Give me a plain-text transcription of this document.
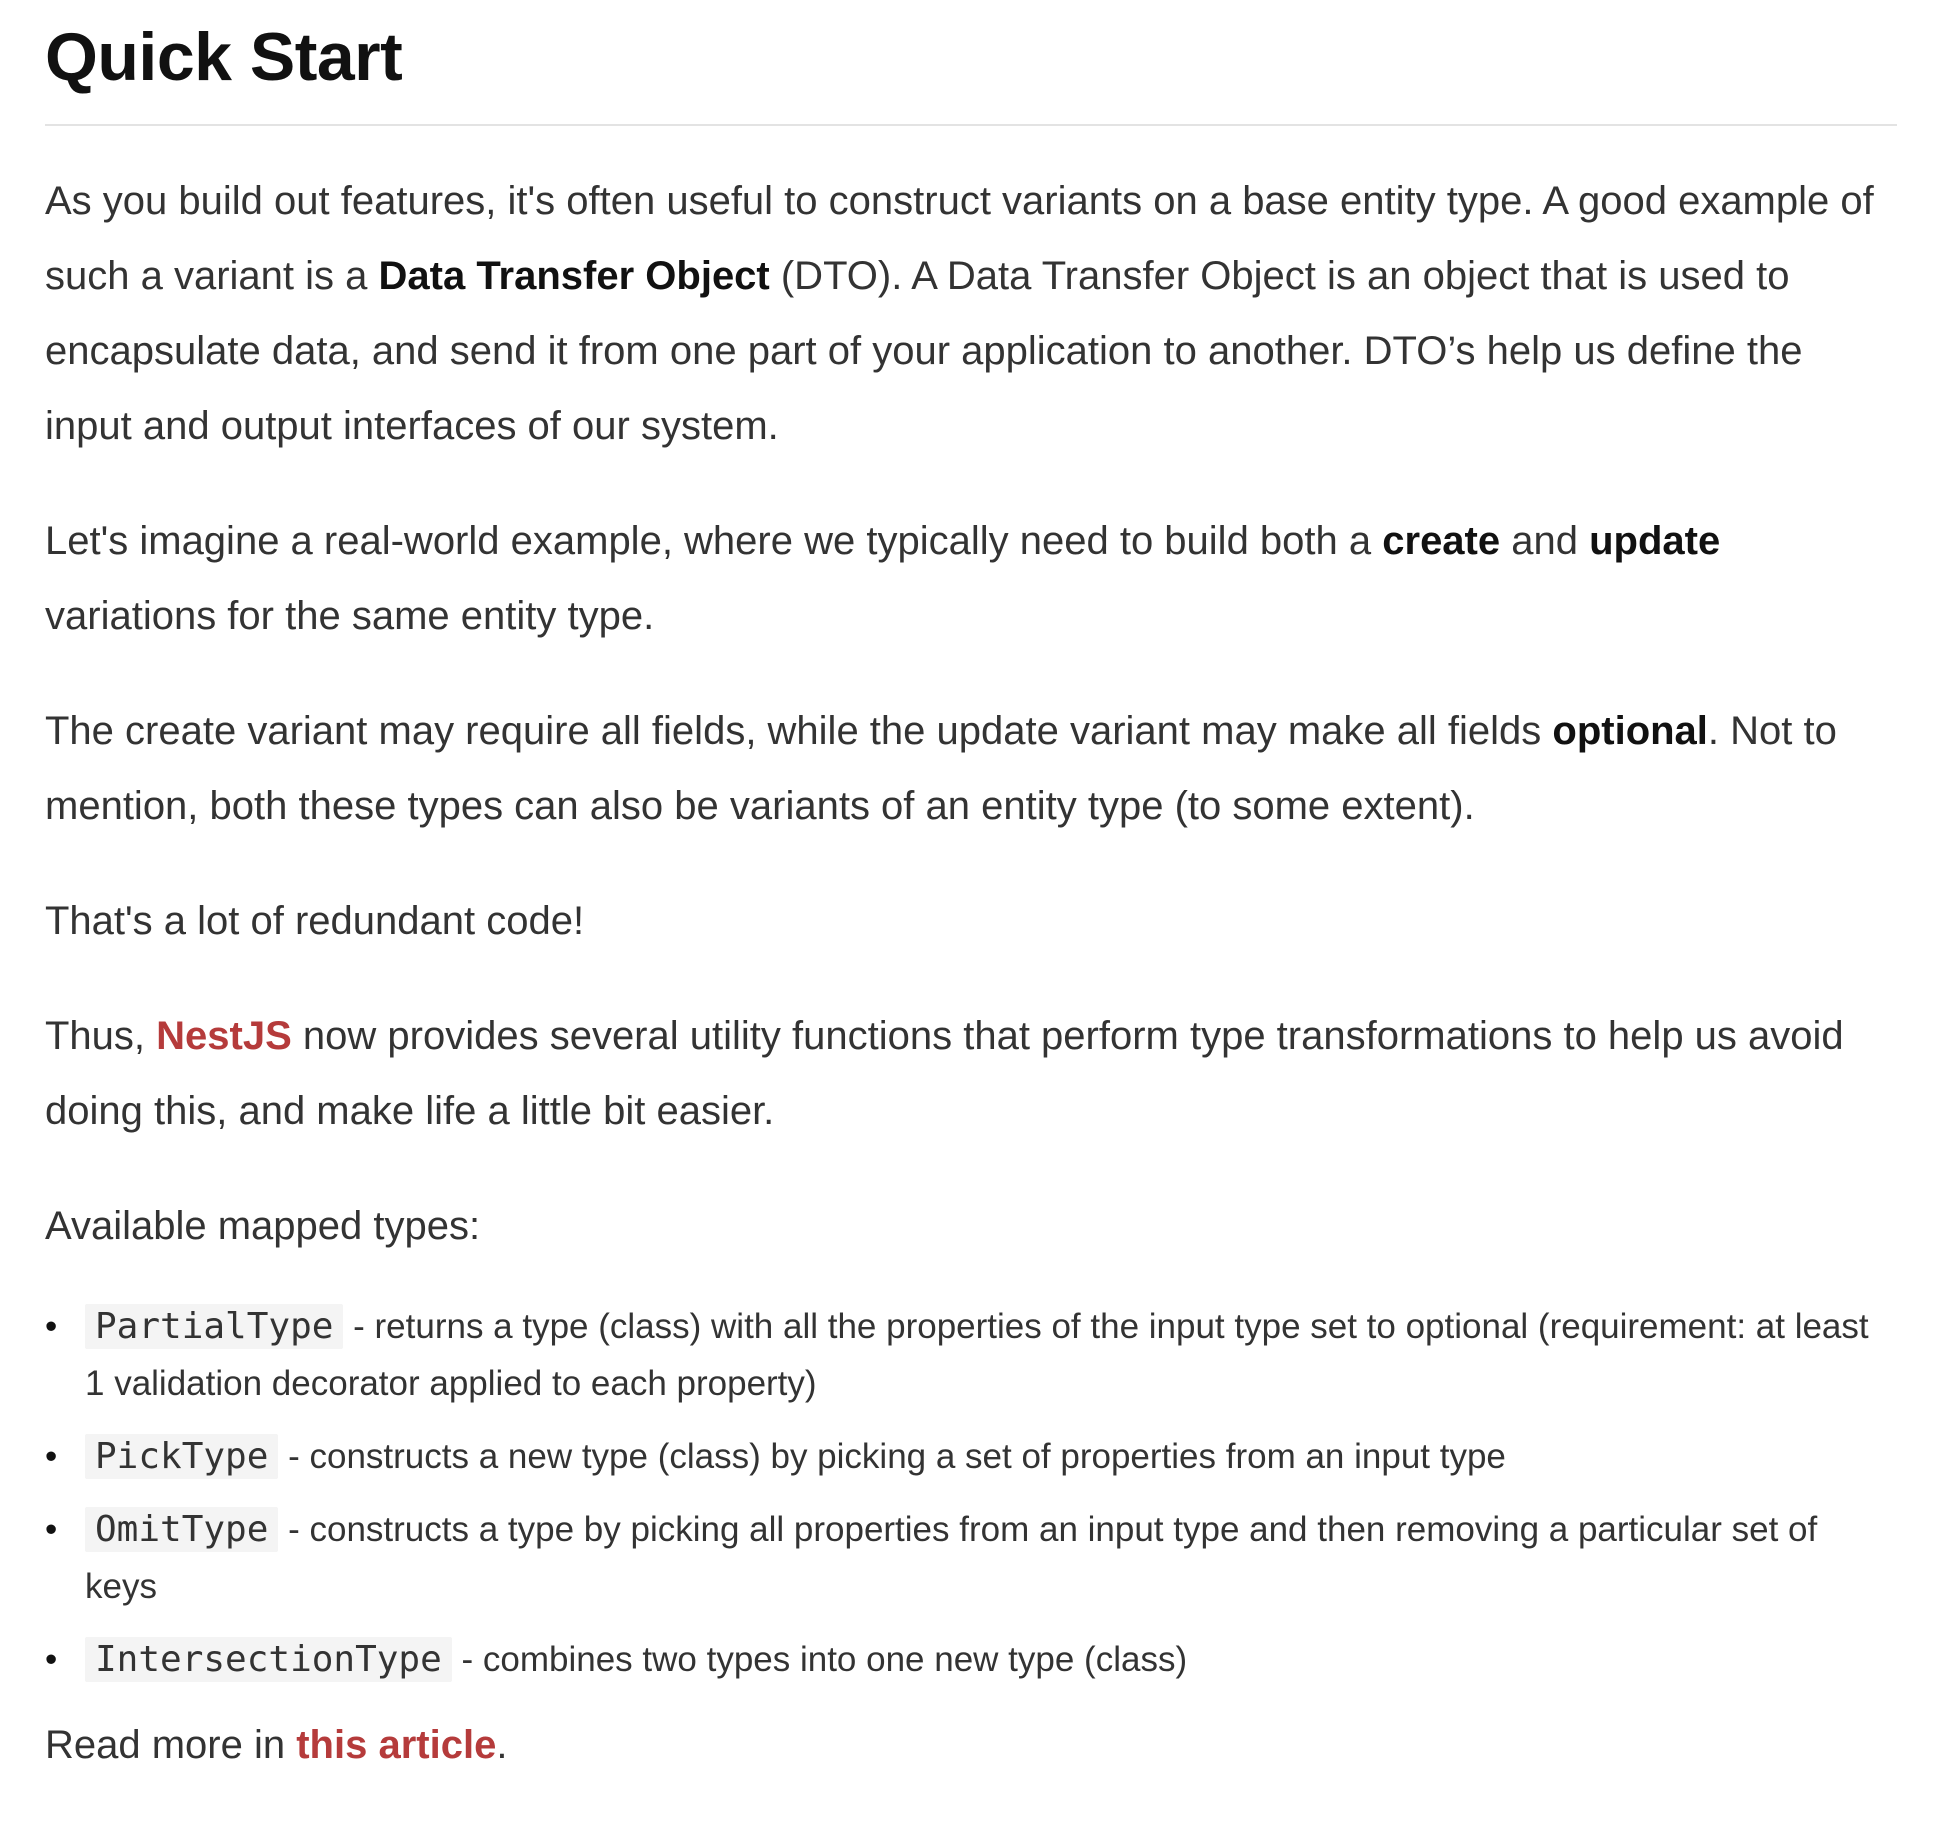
Quick Start

As you build out features, it's often useful to construct variants on a base entity type. A good example of such a variant is a Data Transfer Object (DTO). A Data Transfer Object is an object that is used to encapsulate data, and send it from one part of your application to another. DTO’s help us define the input and output interfaces of our system.

Let's imagine a real-world example, where we typically need to build both a create and update variations for the same entity type.

The create variant may require all fields, while the update variant may make all fields optional. Not to mention, both these types can also be variants of an entity type (to some extent).

That's a lot of redundant code!

Thus, NestJS now provides several utility functions that perform type transformations to help us avoid doing this, and make life a little bit easier.

Available mapped types:

• PartialType - returns a type (class) with all the properties of the input type set to optional (requirement: at least 1 validation decorator applied to each property)
• PickType - constructs a new type (class) by picking a set of properties from an input type
• OmitType - constructs a type by picking all properties from an input type and then removing a particular set of keys
• IntersectionType - combines two types into one new type (class)

Read more in this article.
